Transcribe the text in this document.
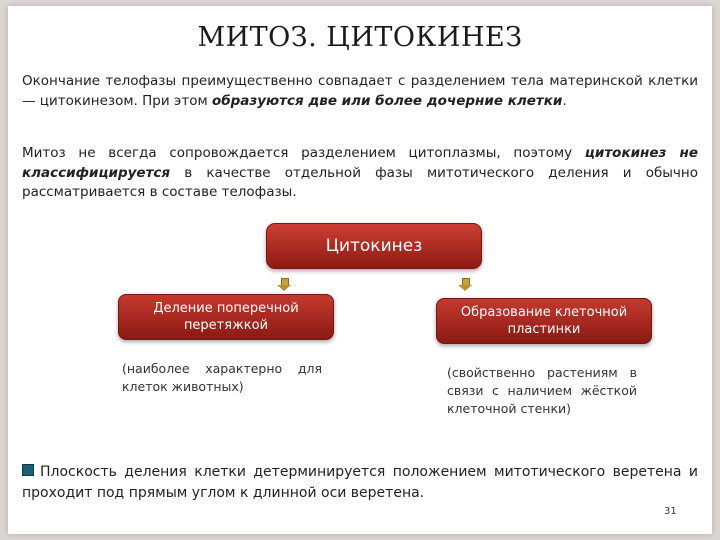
МИТОЗ. ЦИТОКИНЕЗ
Окончание телофазы преимущественно совпадает с разделением тела материнской клетки — цитокинезом. При этом образуются две или более дочерние клетки.
Митоз не всегда сопровождается разделением цитоплазмы, поэтому цитокинез не классифицируется в качестве отдельной фазы митотического деления и обычно рассматривается в составе телофазы.
Цитокинез
Деление поперечной перетяжкой
Образование клеточной пластинки
(наиболее характерно для клеток животных)
(свойственно растениям в связи с наличием жёсткой клеточной стенки)
Плоскость деления клетки детерминируется положением митотического веретена и проходит под прямым углом к длинной оси веретена.
31
